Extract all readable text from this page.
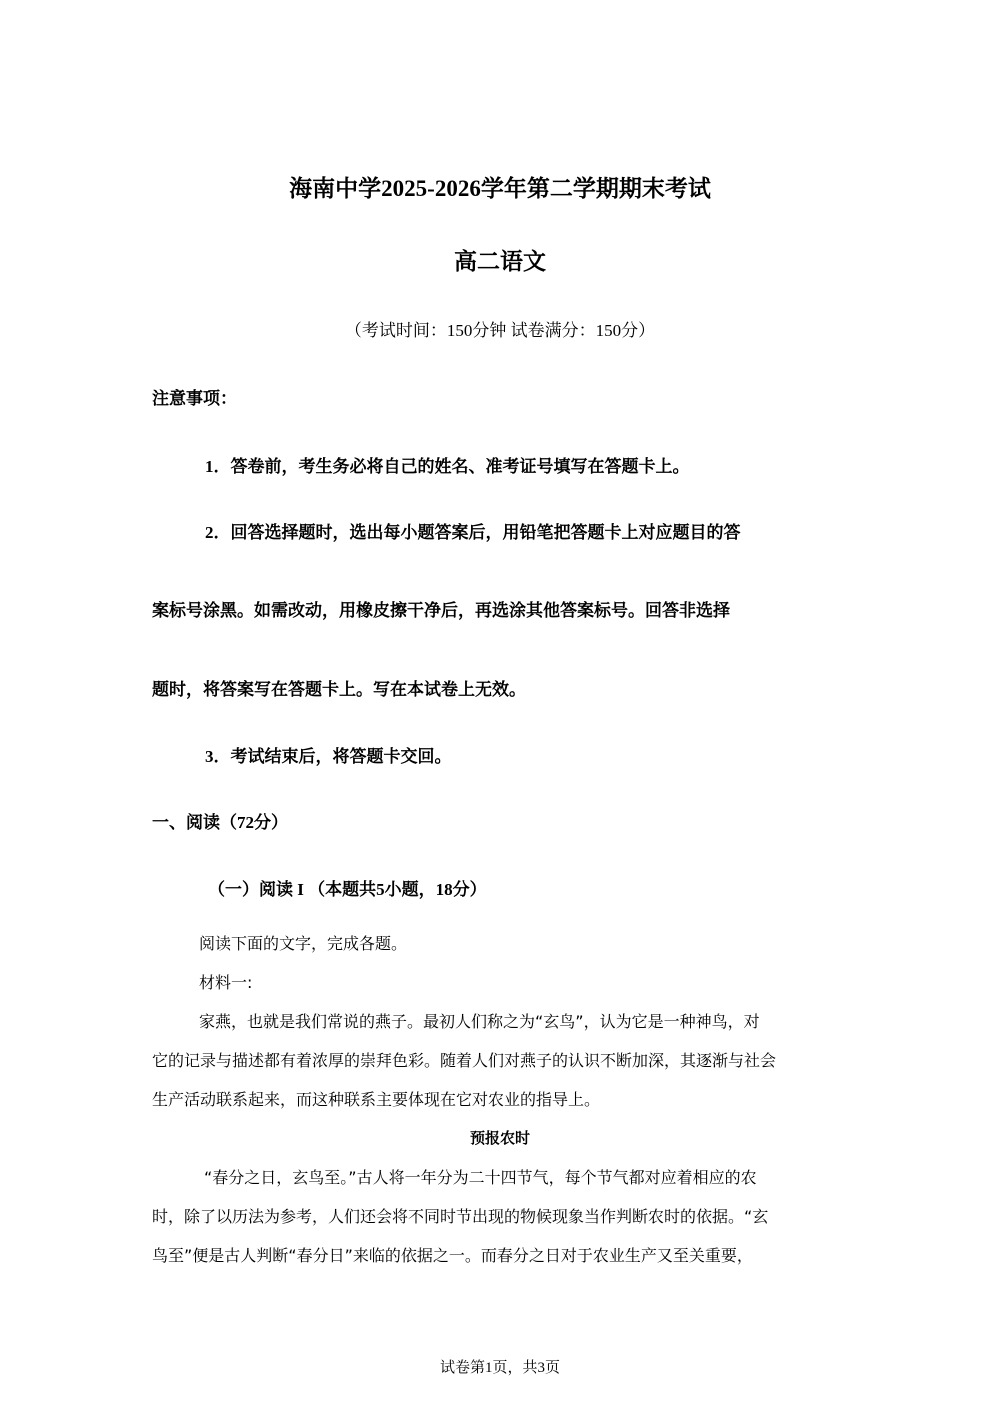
海南中学2025-2026学年第二学期期末考试
高二语文
（考试时间：150分钟 试卷满分：150分）
注意事项：
1．答卷前，考生务必将自己的姓名、准考证号填写在答题卡上。
2．回答选择题时，选出每小题答案后，用铅笔把答题卡上对应题目的答
案标号涂黑。如需改动，用橡皮擦干净后，再选涂其他答案标号。回答非选择
题时，将答案写在答题卡上。写在本试卷上无效。
3．考试结束后，将答题卡交回。
一、阅读（72分）
（一）阅读 I （本题共5小题，18分）
阅读下面的文字，完成各题。
材料一:
家燕，也就是我们常说的燕子。最初人们称之为“玄鸟”，认为它是一种神鸟，对
它的记录与描述都有着浓厚的崇拜色彩。随着人们对燕子的认识不断加深，其逐渐与社会
生产活动联系起来，而这种联系主要体现在它对农业的指导上。
预报农时
“春分之日，玄鸟至。”古人将一年分为二十四节气，每个节气都对应着相应的农
时，除了以历法为参考，人们还会将不同时节出现的物候现象当作判断农时的依据。“玄
鸟至”便是古人判断“春分日”来临的依据之一。而春分之日对于农业生产又至关重要，
试卷第1页，共3页
